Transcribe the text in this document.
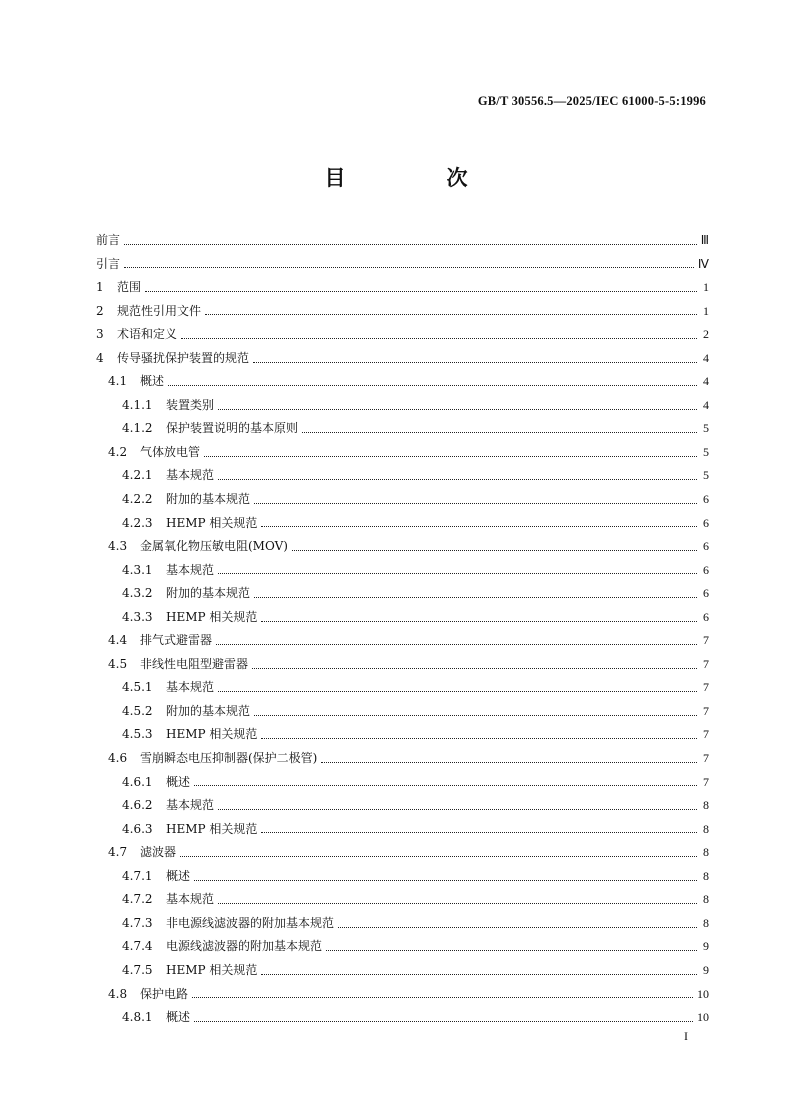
GB/T 30556.5—2025/IEC 61000-5-5:1996
目　次
前言	Ⅲ
引言	Ⅳ
1	范围	1
2	规范性引用文件	1
3	术语和定义	2
4	传导骚扰保护装置的规范	4
4.1	概述	4
4.1.1	装置类别	4
4.1.2	保护装置说明的基本原则	5
4.2	气体放电管	5
4.2.1	基本规范	5
4.2.2	附加的基本规范	6
4.2.3	HEMP 相关规范	6
4.3	金属氧化物压敏电阻(MOV)	6
4.3.1	基本规范	6
4.3.2	附加的基本规范	6
4.3.3	HEMP 相关规范	6
4.4	排气式避雷器	7
4.5	非线性电阻型避雷器	7
4.5.1	基本规范	7
4.5.2	附加的基本规范	7
4.5.3	HEMP 相关规范	7
4.6	雪崩瞬态电压抑制器(保护二极管)	7
4.6.1	概述	7
4.6.2	基本规范	8
4.6.3	HEMP 相关规范	8
4.7	滤波器	8
4.7.1	概述	8
4.7.2	基本规范	8
4.7.3	非电源线滤波器的附加基本规范	8
4.7.4	电源线滤波器的附加基本规范	9
4.7.5	HEMP 相关规范	9
4.8	保护电路	10
4.8.1	概述	10
I
